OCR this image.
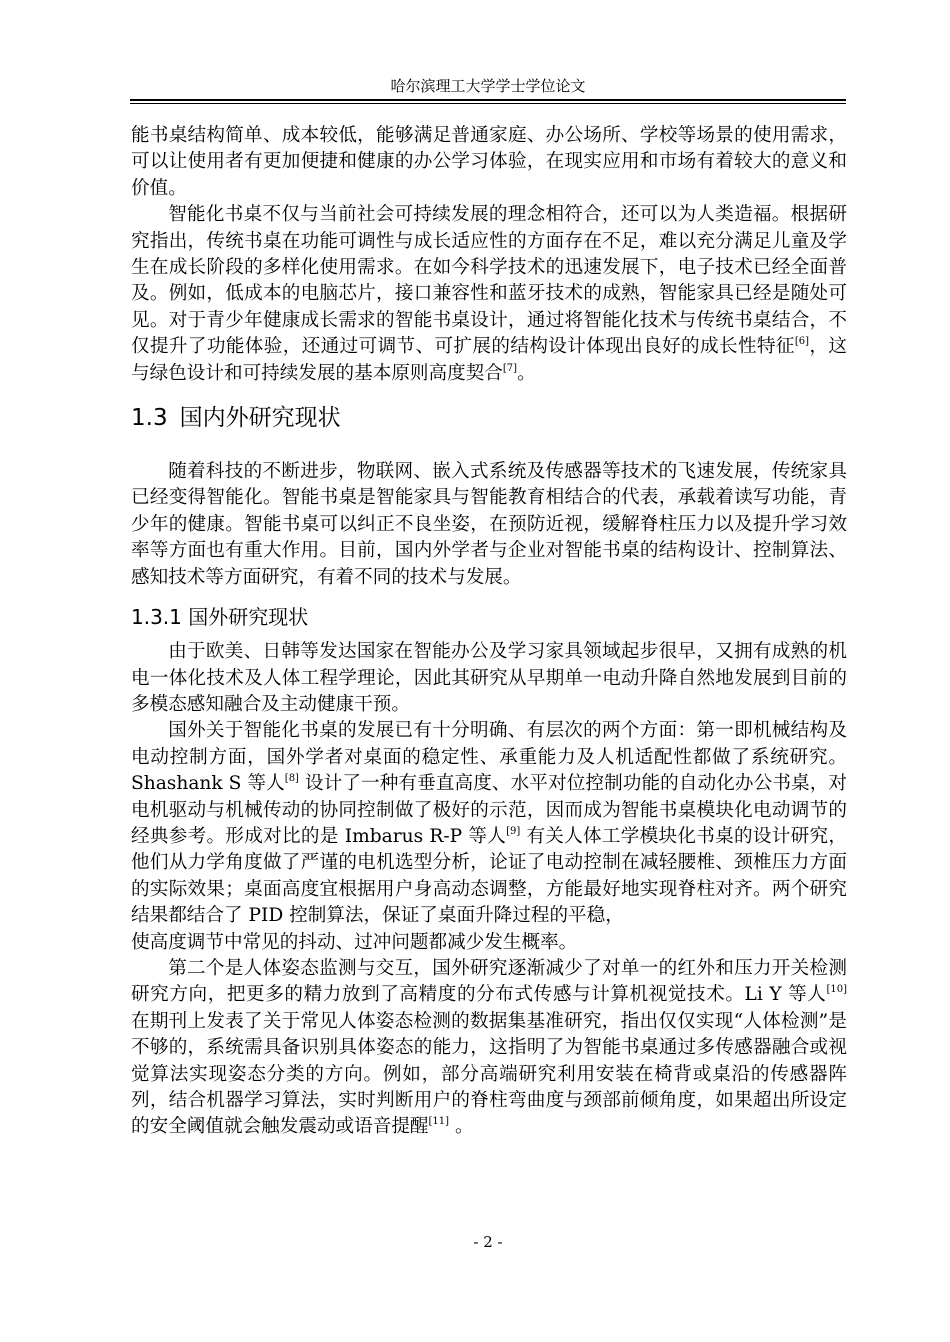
哈尔滨理工大学学士学位论文

能书桌结构简单、成本较低，能够满足普通家庭、办公场所、学校等场景的使用需求，可以让使用者有更加便捷和健康的办公学习体验，在现实应用和市场有着较大的意义和价值。

智能化书桌不仅与当前社会可持续发展的理念相符合，还可以为人类造福。根据研究指出，传统书桌在功能可调性与成长适应性的方面存在不足，难以充分满足儿童及学生在成长阶段的多样化使用需求。在如今科学技术的迅速发展下，电子技术已经全面普及。例如，低成本的电脑芯片，接口兼容性和蓝牙技术的成熟，智能家具已经是随处可见。对于青少年健康成长需求的智能书桌设计，通过将智能化技术与传统书桌结合，不仅提升了功能体验，还通过可调节、可扩展的结构设计体现出良好的成长性特征[6]，这与绿色设计和可持续发展的基本原则高度契合[7]。

1.3 国内外研究现状

随着科技的不断进步，物联网、嵌入式系统及传感器等技术的飞速发展，传统家具已经变得智能化。智能书桌是智能家具与智能教育相结合的代表，承载着读写功能，青少年的健康。智能书桌可以纠正不良坐姿，在预防近视，缓解脊柱压力以及提升学习效率等方面也有重大作用。目前，国内外学者与企业对智能书桌的结构设计、控制算法、感知技术等方面研究，有着不同的技术与发展。

1.3.1 国外研究现状

由于欧美、日韩等发达国家在智能办公及学习家具领域起步很早，又拥有成熟的机电一体化技术及人体工程学理论，因此其研究从早期单一电动升降自然地发展到目前的多模态感知融合及主动健康干预。

国外关于智能化书桌的发展已有十分明确、有层次的两个方面：第一即机械结构及电动控制方面，国外学者对桌面的稳定性、承重能力及人机适配性都做了系统研究。Shashank S 等人[8] 设计了一种有垂直高度、水平对位控制功能的自动化办公书桌，对电机驱动与机械传动的协同控制做了极好的示范，因而成为智能书桌模块化电动调节的经典参考。形成对比的是 Imbarus R-P 等人[9] 有关人体工学模块化书桌的设计研究，他们从力学角度做了严谨的电机选型分析，论证了电动控制在减轻腰椎、颈椎压力方面的实际效果；桌面高度宜根据用户身高动态调整，方能最好地实现脊柱对齐。两个研究结果都结合了 PID 控制算法，保证了桌面升降过程的平稳，
使高度调节中常见的抖动、过冲问题都减少发生概率。

第二个是人体姿态监测与交互，国外研究逐渐减少了对单一的红外和压力开关检测研究方向，把更多的精力放到了高精度的分布式传感与计算机视觉技术。Li Y 等人[10] 在期刊上发表了关于常见人体姿态检测的数据集基准研究，指出仅仅实现“人体检测”是不够的，系统需具备识别具体姿态的能力，这指明了为智能书桌通过多传感器融合或视觉算法实现姿态分类的方向。例如，部分高端研究利用安装在椅背或桌沿的传感器阵列，结合机器学习算法，实时判断用户的脊柱弯曲度与颈部前倾角度，如果超出所设定的安全阈值就会触发震动或语音提醒[11] 。

- 2 -
